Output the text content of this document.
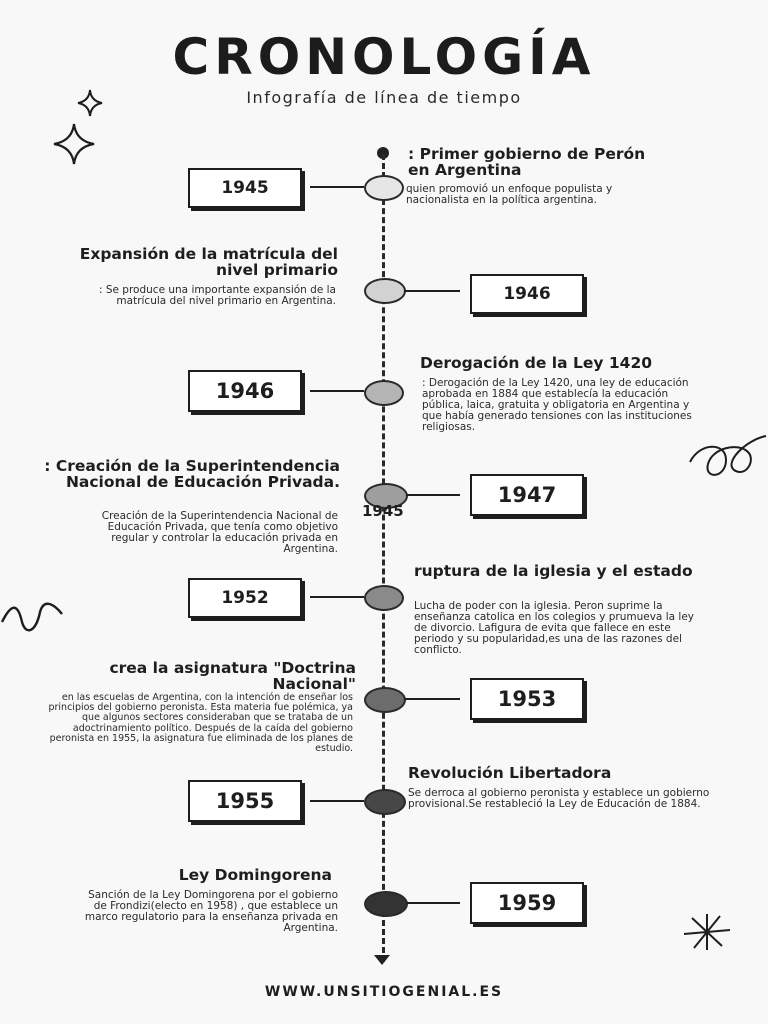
CRONOLOGÍA
Infografía de línea de tiempo
1945
: Primer gobierno de Perón en Argentina
quien promovió un enfoque populista y nacionalista en la política argentina.
Expansión de la matrícula del nivel primario
: Se produce una importante expansión de la matrícula del nivel primario en Argentina.	1946
1946
Derogación de la Ley 1420
: Derogación de la Ley 1420, una ley de educación aprobada en 1884 que establecía la educación pública, laica, gratuita y obligatoria en Argentina y que había generado tensiones con las instituciones religiosas.
: Creación de la Superintendencia Nacional de Educación Privada.
Creación de la Superintendencia Nacional de Educación Privada, que tenía como objetivo regular y controlar la educación privada en Argentina.
1947
1945
1952
ruptura de la iglesia y el estado
Lucha de poder con la iglesia. Peron suprime la enseñanza catolica en los colegios y prumueva la ley de divorcio. Lafigura de evita que fallece en este periodo y su popularidad,es una de las razones del conflicto.
crea la asignatura "Doctrina Nacional"
en las escuelas de Argentina, con la intención de enseñar los principios del gobierno peronista. Esta materia fue polémica, ya que algunos sectores consideraban que se trataba de un adoctrinamiento político. Después de la caída del gobierno peronista en 1955, la asignatura fue eliminada de los planes de estudio.
1953
1955
Revolución Libertadora
Se derroca al gobierno peronista y establece un gobierno provisional.Se restableció la Ley de Educación de 1884.
Ley Domingorena
Sanción de la Ley Domingorena por el gobierno de Frondizi(electo en 1958) , que establece un marco regulatorio para la enseñanza privada en Argentina.
1959
WWW.UNSITIOGENIAL.ES
